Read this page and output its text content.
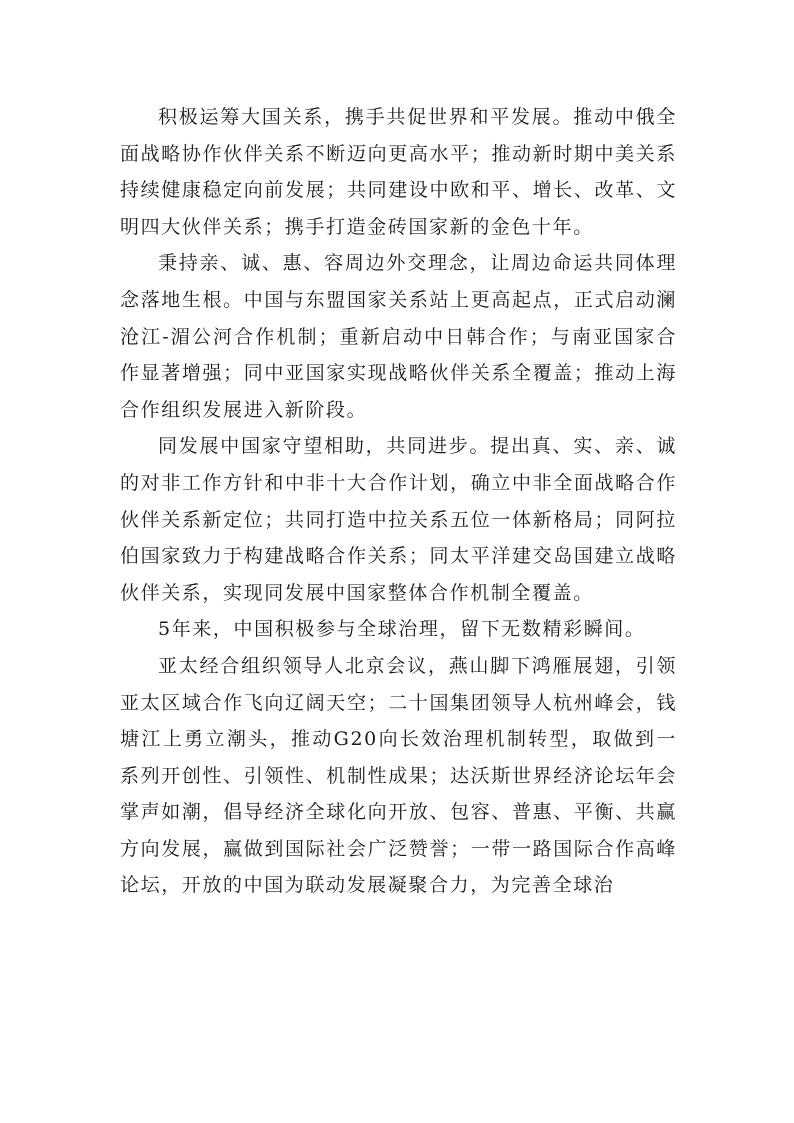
积极运筹大国关系，携手共促世界和平发展。推动中俄全面战略协作伙伴关系不断迈向更高水平；推动新时期中美关系持续健康稳定向前发展；共同建设中欧和平、增长、改革、文明四大伙伴关系；携手打造金砖国家新的金色十年。

秉持亲、诚、惠、容周边外交理念，让周边命运共同体理念落地生根。中国与东盟国家关系站上更高起点，正式启动澜沧江-湄公河合作机制；重新启动中日韩合作；与南亚国家合作显著增强；同中亚国家实现战略伙伴关系全覆盖；推动上海合作组织发展进入新阶段。

同发展中国家守望相助，共同进步。提出真、实、亲、诚的对非工作方针和中非十大合作计划，确立中非全面战略合作伙伴关系新定位；共同打造中拉关系五位一体新格局；同阿拉伯国家致力于构建战略合作关系；同太平洋建交岛国建立战略伙伴关系，实现同发展中国家整体合作机制全覆盖。

5年来，中国积极参与全球治理，留下无数精彩瞬间。

亚太经合组织领导人北京会议，燕山脚下鸿雁展翅，引领亚太区域合作飞向辽阔天空；二十国集团领导人杭州峰会，钱塘江上勇立潮头，推动G20向长效治理机制转型，取做到一系列开创性、引领性、机制性成果；达沃斯世界经济论坛年会掌声如潮，倡导经济全球化向开放、包容、普惠、平衡、共赢方向发展，赢做到国际社会广泛赞誉；一带一路国际合作高峰论坛，开放的中国为联动发展凝聚合力，为完善全球治
